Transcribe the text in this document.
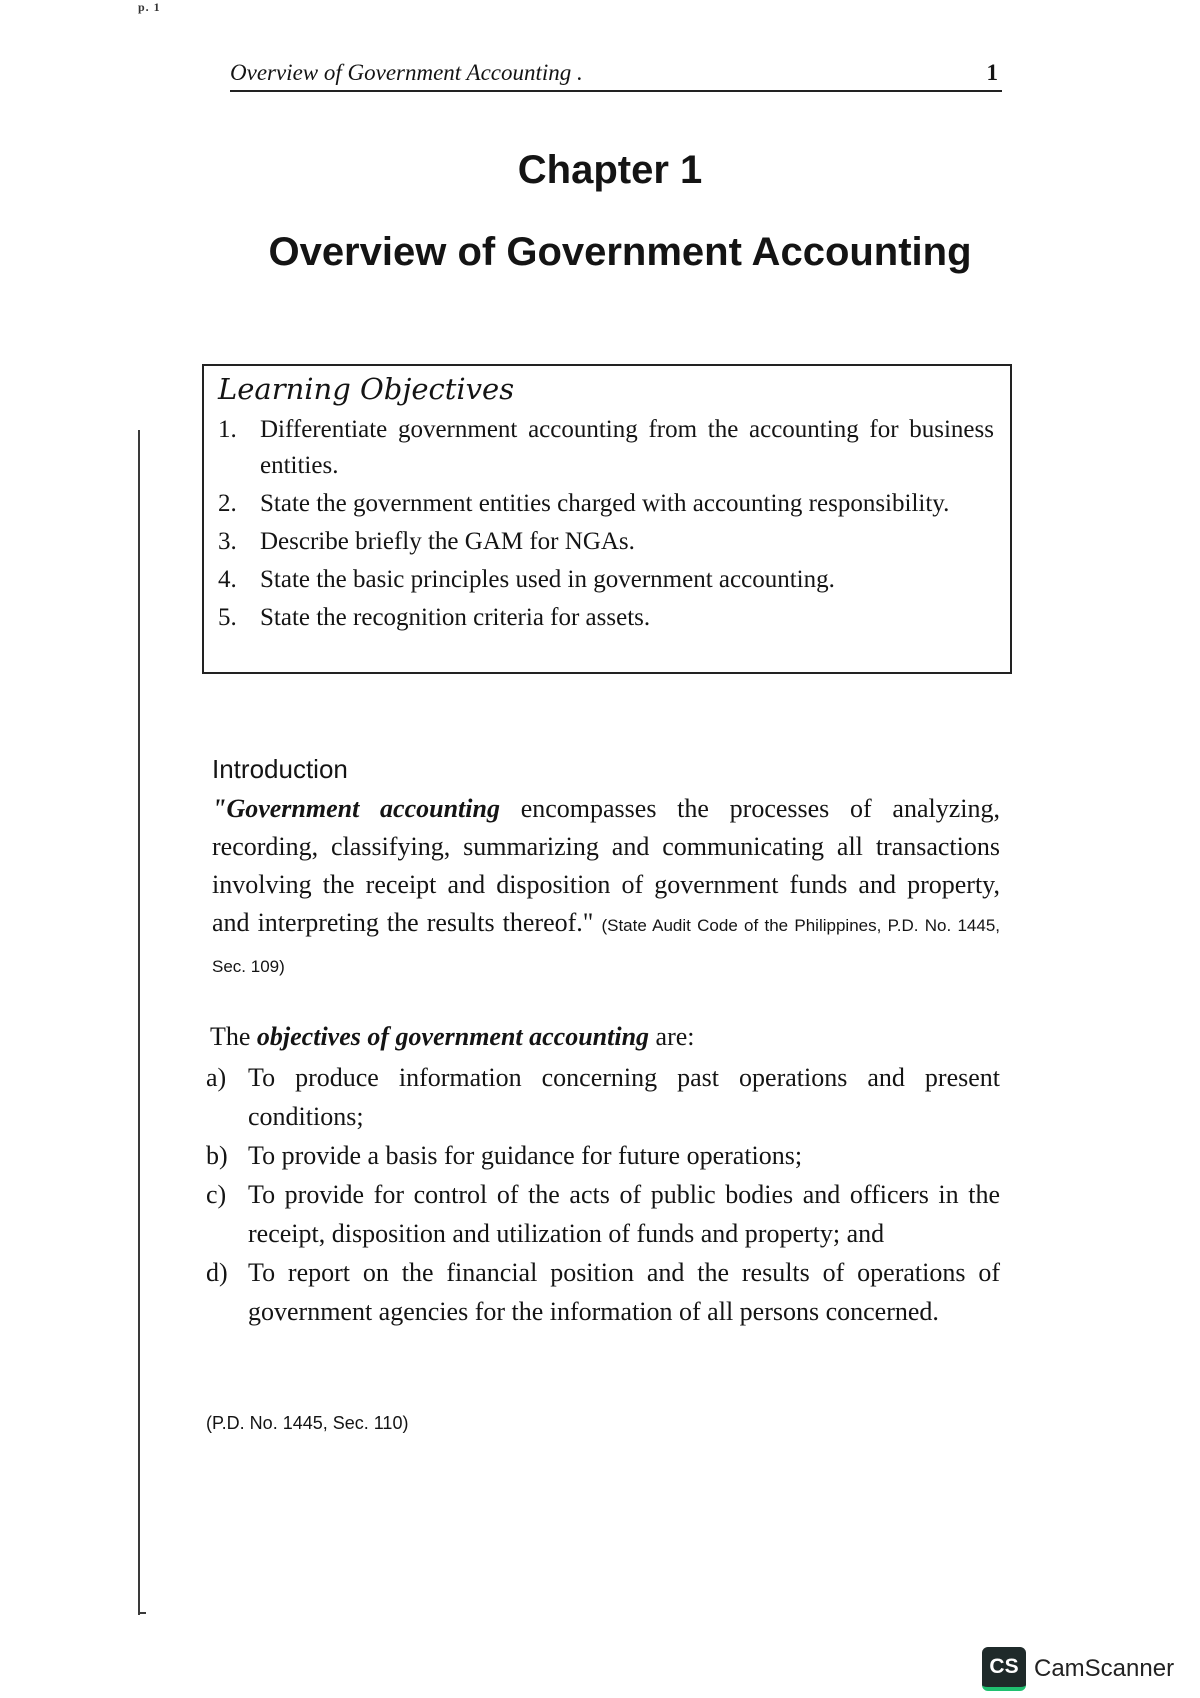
p. 1
Overview of Government Accounting .	1
Chapter 1
Overview of Government Accounting
Learning Objectives
1. Differentiate government accounting from the accounting for business entities.
2. State the government entities charged with accounting responsibility.
3. Describe briefly the GAM for NGAs.
4. State the basic principles used in government accounting.
5. State the recognition criteria for assets.
Introduction

"Government accounting encompasses the processes of analyzing, recording, classifying, summarizing and communicating all transactions involving the receipt and disposition of government funds and property, and interpreting the results thereof." (State Audit Code of the Philippines, P.D. No. 1445, Sec. 109)

The objectives of government accounting are:

a) To produce information concerning past operations and present conditions;
b) To provide a basis for guidance for future operations;
c) To provide for control of the acts of public bodies and officers in the receipt, disposition and utilization of funds and property; and
d) To report on the financial position and the results of operations of government agencies for the information of all persons concerned.
(P.D. No. 1445, Sec. 110)
CS CamScanner
